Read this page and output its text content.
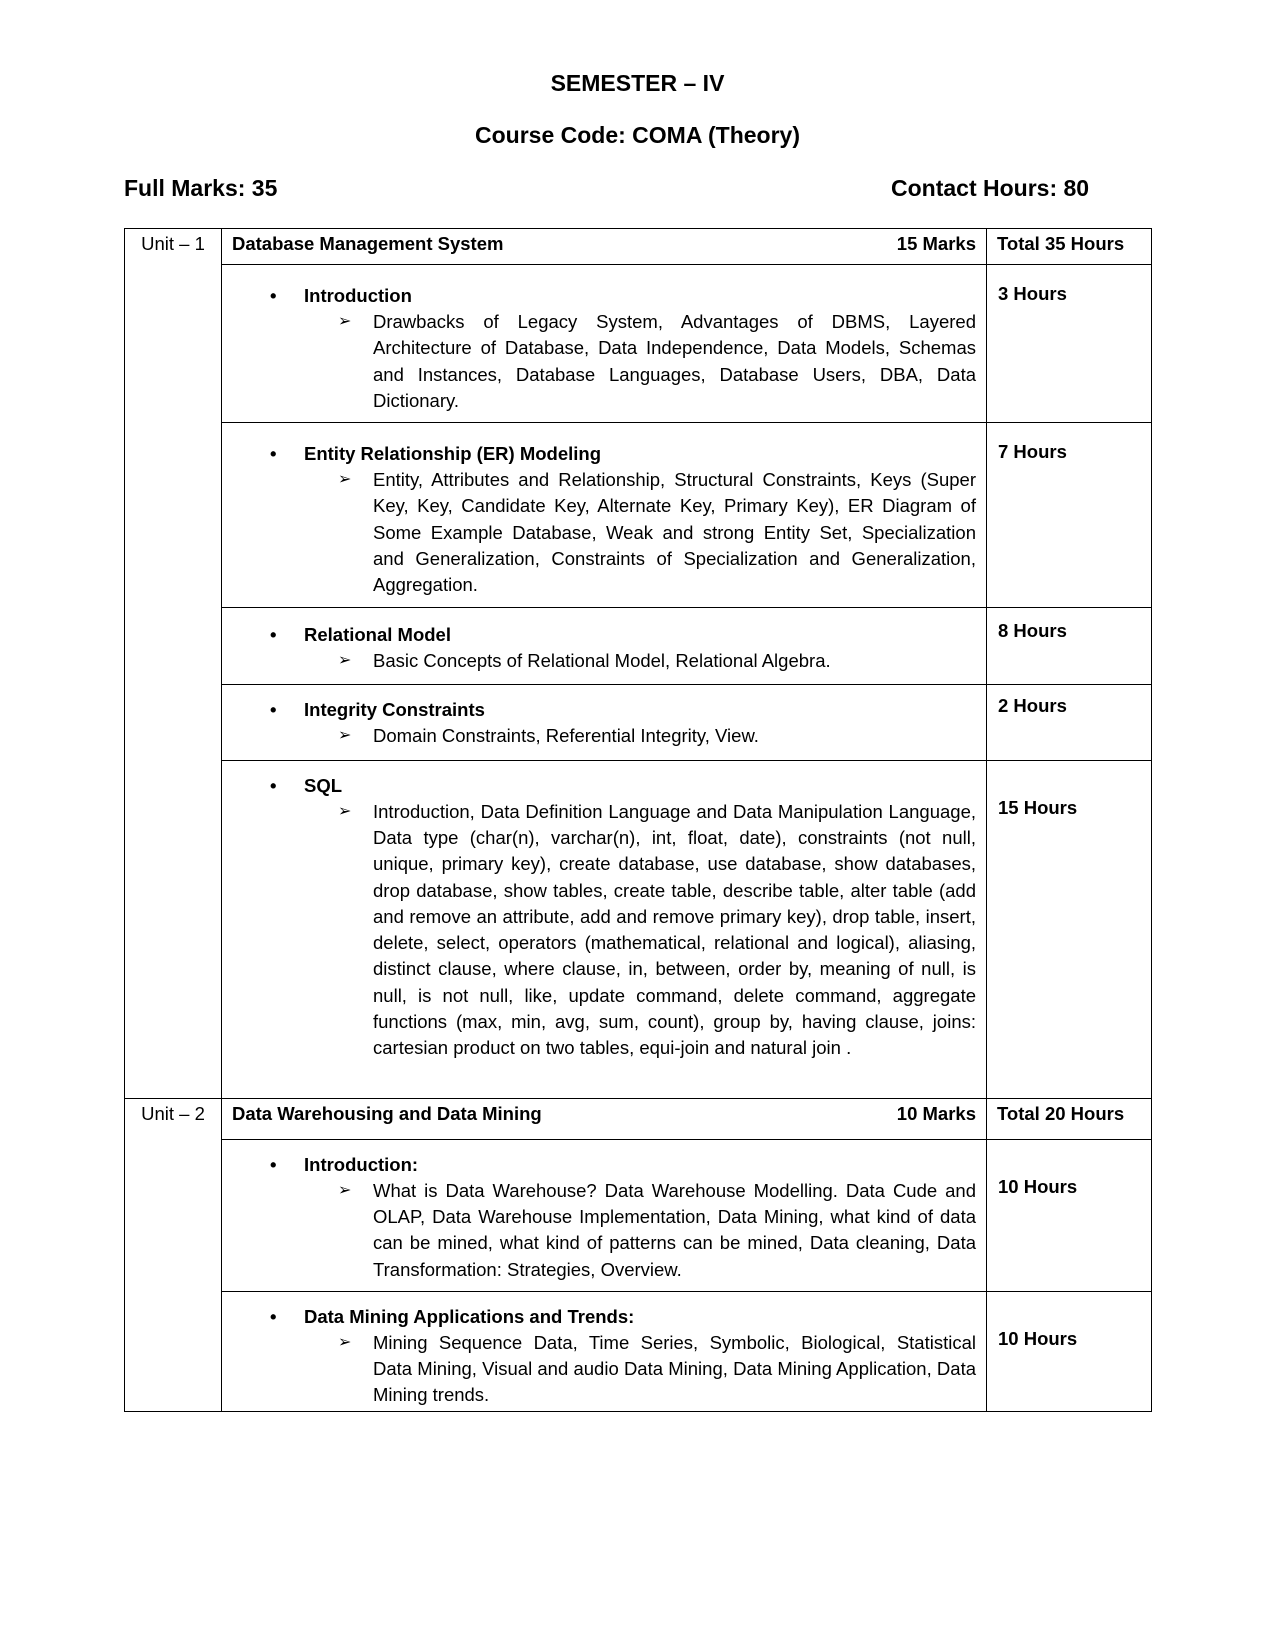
SEMESTER – IV
Course Code: COMA (Theory)
Full Marks: 35	Contact Hours: 80
Unit – 1	Database Management System 15 Marks	Total 35 Hours

	• Introduction
➢ Drawbacks of Legacy System, Advantages of DBMS, Layered Architecture of Database, Data Independence, Data Models, Schemas and Instances, Database Languages, Database Users, DBA, Data Dictionary.	3 Hours

	• Entity Relationship (ER) Modeling
➢ Entity, Attributes and Relationship, Structural Constraints, Keys (Super Key, Key, Candidate Key, Alternate Key, Primary Key), ER Diagram of Some Example Database, Weak and strong Entity Set, Specialization and Generalization, Constraints of Specialization and Generalization, Aggregation.	7 Hours

	• Relational Model
➢ Basic Concepts of Relational Model, Relational Algebra.	8 Hours

	• Integrity Constraints
➢ Domain Constraints, Referential Integrity, View.	2 Hours

	• SQL
➢ Introduction, Data Definition Language and Data Manipulation Language, Data type (char(n), varchar(n), int, float, date), constraints (not null, unique, primary key), create database, use database, show databases, drop database, show tables, create table, describe table, alter table (add and remove an attribute, add and remove primary key), drop table, insert, delete, select, operators (mathematical, relational and logical), aliasing, distinct clause, where clause, in, between, order by, meaning of null, is null, is not null, like, update command, delete command, aggregate functions (max, min, avg, sum, count), group by, having clause, joins: cartesian product on two tables, equi-join and natural join .	15 Hours
Unit – 2	Data Warehousing and Data Mining 10 Marks	Total 20 Hours

	• Introduction:
➢ What is Data Warehouse? Data Warehouse Modelling. Data Cude and OLAP, Data Warehouse Implementation, Data Mining, what kind of data can be mined, what kind of patterns can be mined, Data cleaning, Data Transformation: Strategies, Overview.	10 Hours

	• Data Mining Applications and Trends:
➢ Mining Sequence Data, Time Series, Symbolic, Biological, Statistical Data Mining, Visual and audio Data Mining, Data Mining Application, Data Mining trends.	10 Hours
